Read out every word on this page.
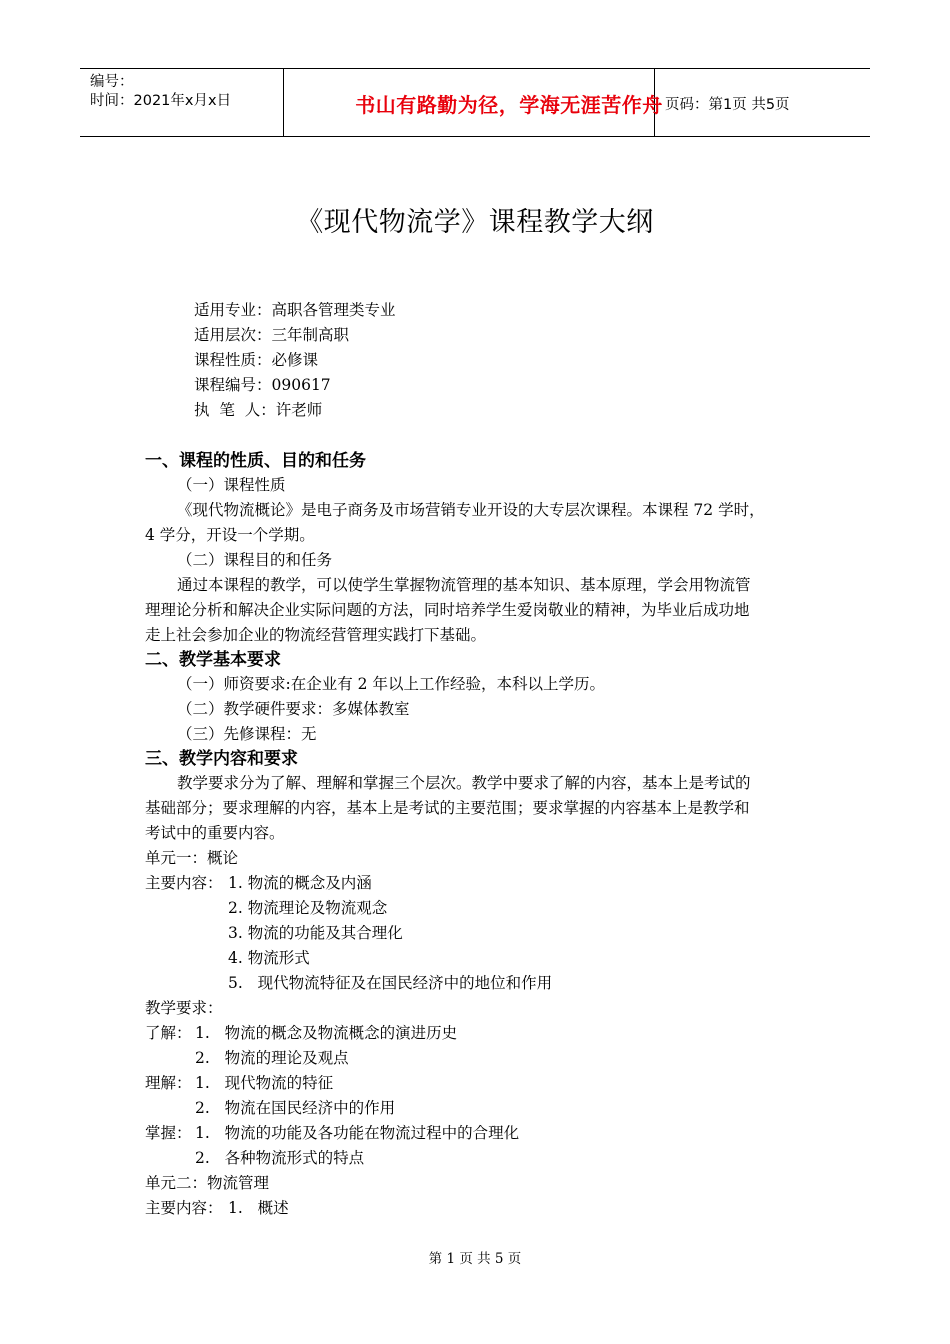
编号：
时间：2021年x月x日	书山有路勤为径，学海无涯苦作舟 页码：第1页 共5页
《现代物流学》课程教学大纲
适用专业：高职各管理类专业
适用层次：三年制高职
课程性质：必修课
课程编号：090617
执  笔  人：许老师
一、课程的性质、目的和任务
（一）课程性质
《现代物流概论》是电子商务及市场营销专业开设的大专层次课程。本课程 72 学时，
4 学分，开设一个学期。
（二）课程目的和任务
通过本课程的教学，可以使学生掌握物流管理的基本知识、基本原理，学会用物流管
理理论分析和解决企业实际问题的方法，同时培养学生爱岗敬业的精神，为毕业后成功地
走上社会参加企业的物流经营管理实践打下基础。
二、教学基本要求
（一）师资要求:在企业有 2 年以上工作经验，本科以上学历。
（二）教学硬件要求：多媒体教室
（三）先修课程：无
三、教学内容和要求
教学要求分为了解、理解和掌握三个层次。教学中要求了解的内容，基本上是考试的
基础部分；要求理解的内容，基本上是考试的主要范围；要求掌握的内容基本上是教学和
考试中的重要内容。
单元一：概论
主要内容： 1. 物流的概念及内涵
2. 物流理论及物流观念
3. 物流的功能及其合理化
4. 物流形式
5.   现代物流特征及在国民经济中的地位和作用
教学要求：
了解： 1.   物流的概念及物流概念的演进历史
2.   物流的理论及观点
理解： 1.   现代物流的特征
2.   物流在国民经济中的作用
掌握： 1.   物流的功能及各功能在物流过程中的合理化
2.   各种物流形式的特点
单元二：物流管理
主要内容： 1.   概述
第 1 页 共 5 页
